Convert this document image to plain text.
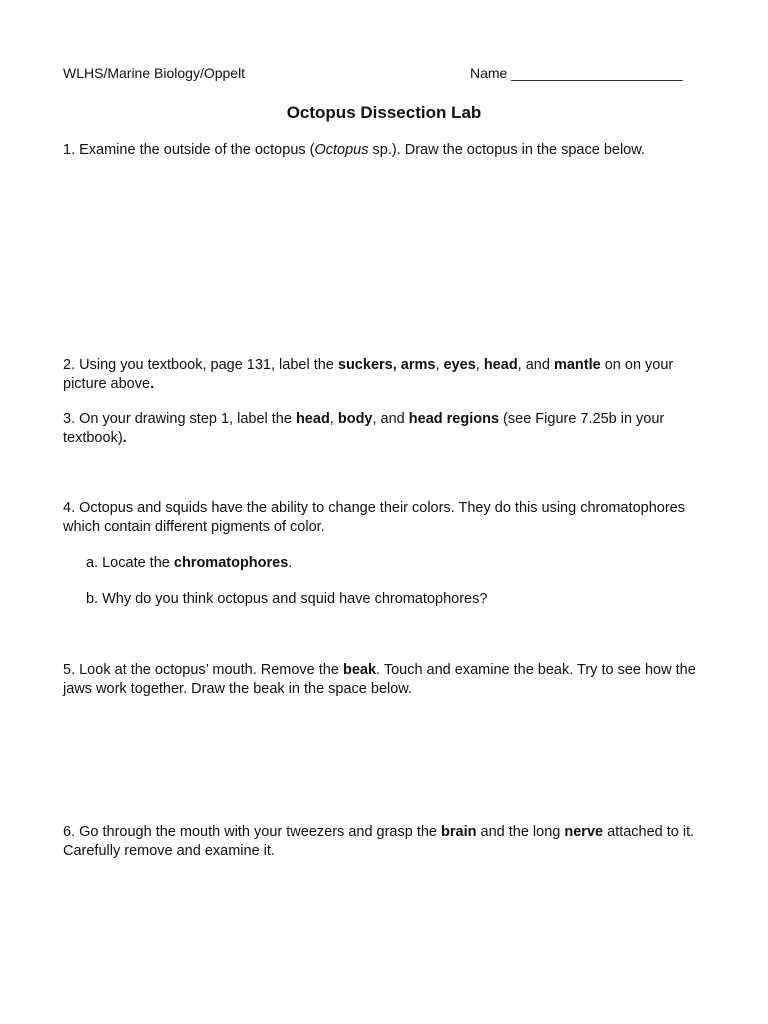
WLHS/Marine Biology/Oppelt	Name ______________________
Octopus Dissection Lab
1. Examine the outside of the octopus (Octopus sp.). Draw the octopus in the space below.
2. Using you textbook, page 131, label the suckers, arms, eyes, head, and mantle on on your picture above.
3. On your drawing step 1, label the head, body, and head regions (see Figure 7.25b in your textbook).
4. Octopus and squids have the ability to change their colors. They do this using chromatophores which contain different pigments of color.
a. Locate the chromatophores.
b. Why do you think octopus and squid have chromatophores?
5. Look at the octopus’ mouth. Remove the beak. Touch and examine the beak. Try to see how the jaws work together. Draw the beak in the space below.
6. Go through the mouth with your tweezers and grasp the brain and the long nerve attached to it. Carefully remove and examine it.
